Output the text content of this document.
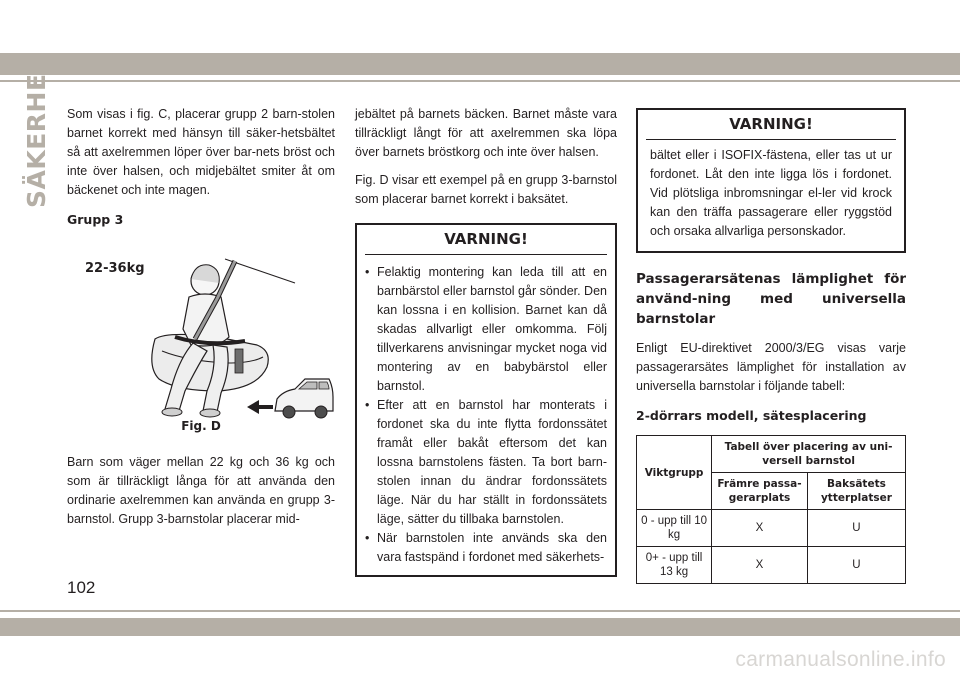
SÄKERHET Som visas i fig. C, placerar grupp 2 barn-stolen barnet korrekt med hänsyn till säker-hetsbältet så att axelremmen löper över bar-nets bröst och inte över halsen, och midjebältet smiter åt om bäckenet och inte magen.

Grupp 3
22-36kg
Fig. D

Barn som väger mellan 22 kg och 36 kg och som är tillräckligt långa för att använda den ordinarie axelremmen kan använda en grupp 3-barnstol. Grupp 3-barnstolar placerar mid-

jebältet på barnets bäcken. Barnet måste vara tillräckligt långt för att axelremmen ska löpa över barnets bröstkorg och inte över halsen.

Fig. D visar ett exempel på en grupp 3-barnstol som placerar barnet korrekt i baksätet.

VARNING!
• Felaktig montering kan leda till att en barnbärstol eller barnstol går sönder. Den kan lossna i en kollision. Barnet kan då skadas allvarligt eller omkomma. Följ tillverkarens anvisningar mycket noga vid montering av en babybärstol eller barnstol.
• Efter att en barnstol har monterats i fordonet ska du inte flytta fordonssätet framåt eller bakåt eftersom det kan lossna barnstolens fästen. Ta bort barn-stolen innan du ändrar fordonssätets läge. När du har ställt in fordonssätets läge, sätter du tillbaka barnstolen.
• När barnstolen inte används ska den vara fastspänd i fordonet med säkerhets-
VARNING!
bältet eller i ISOFIX-fästena, eller tas ut ur fordonet. Låt den inte ligga lös i fordonet. Vid plötsliga inbromsningar el-ler vid krock kan den träffa passagerare eller ryggstöd och orsaka allvarliga personskador.
Passagerarsätenas lämplighet för använd-ning med universella barnstolar

Enligt EU-direktivet 2000/3/EG visas varje passagerarsätes lämplighet för installation av universella barnstolar i följande tabell:

2-dörrars modell, sätesplacering
Viktgrupp	Tabell över placering av uni-versell barnstol	
	Främre passa-gerarplats	Baksätets ytterplatser
0 - upp till 10 kg	X	U
0+ - upp till 13 kg	X	U
102
carmanualsonline.info
